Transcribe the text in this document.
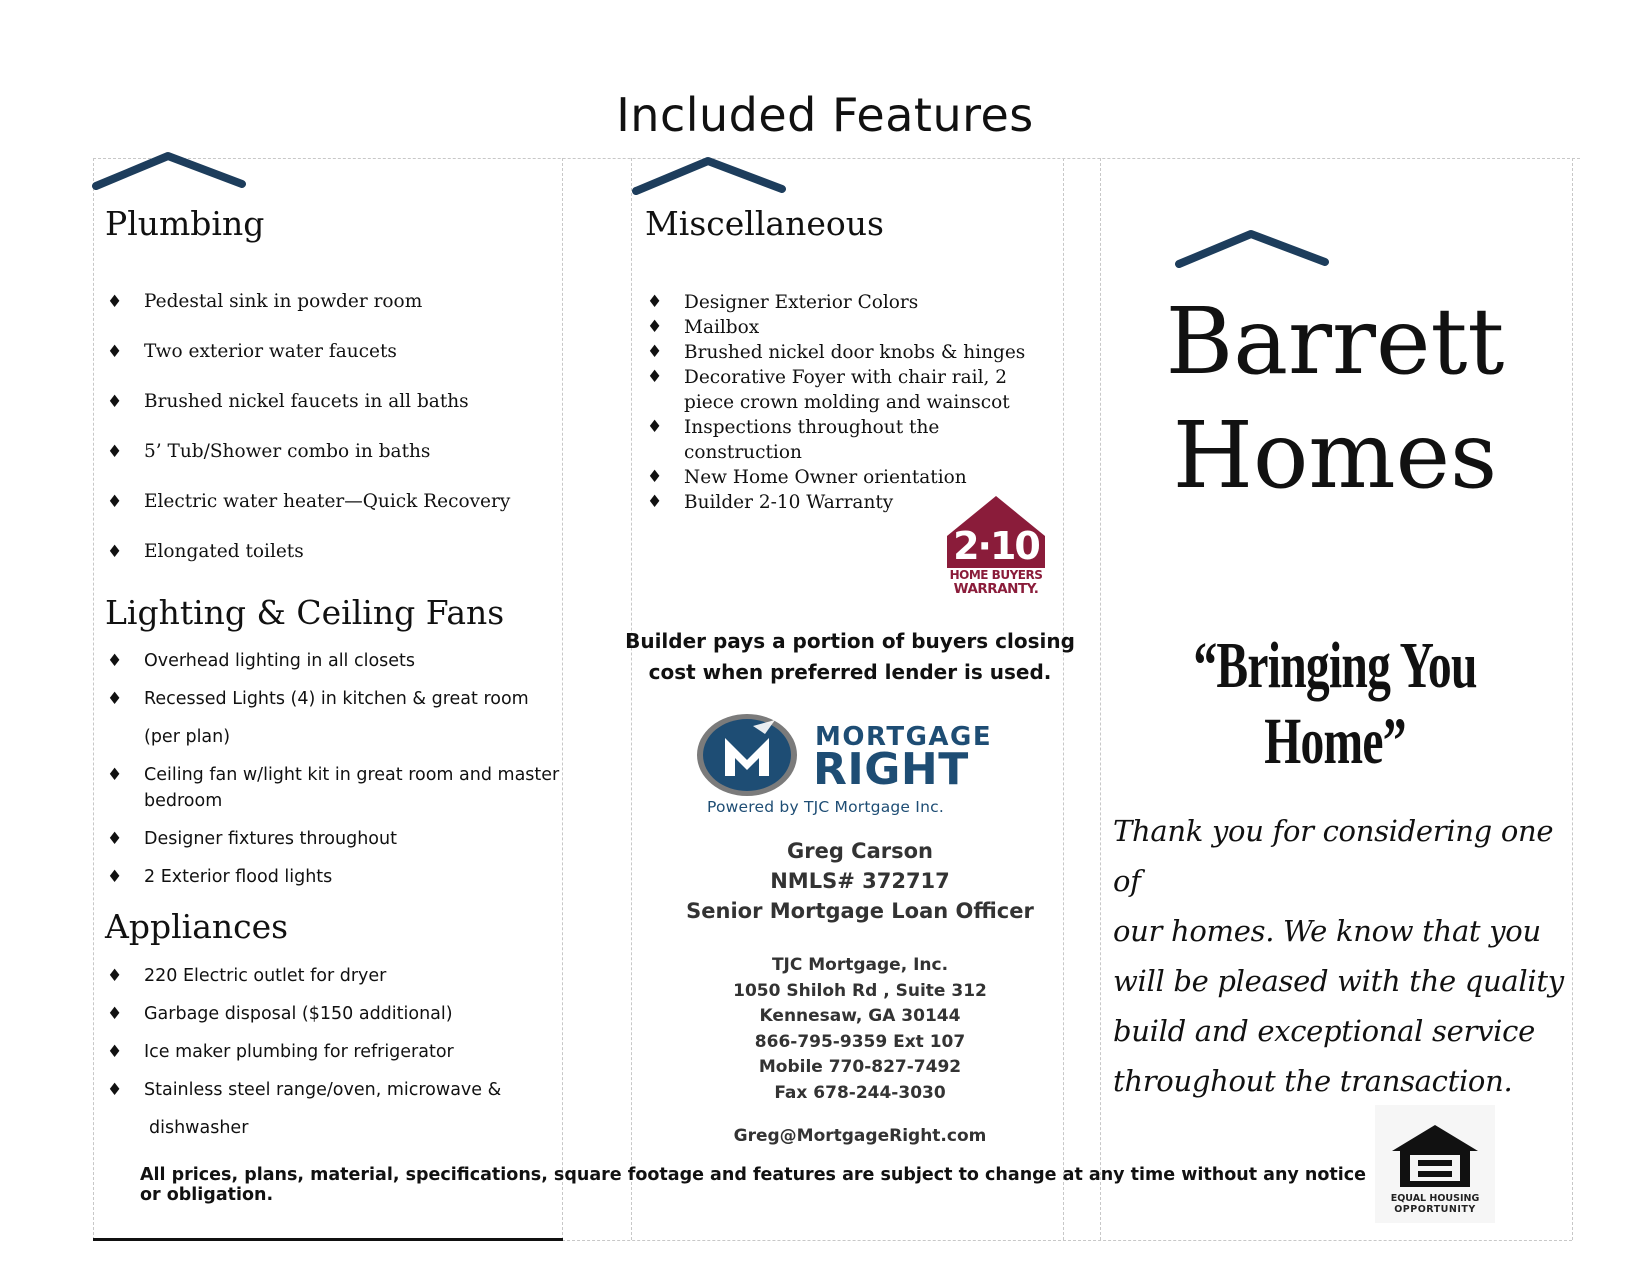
Included Features
Plumbing
♦ Pedestal sink in powder room
♦ Two exterior water faucets
♦ Brushed nickel faucets in all baths
♦ 5’ Tub/Shower combo in baths
♦ Electric water heater—Quick Recovery
♦ Elongated toilets
Lighting & Ceiling Fans
♦ Overhead lighting in all closets
♦ Recessed Lights (4) in kitchen & great room
(per plan)
♦ Ceiling fan w/light kit in great room and master bedroom
♦ Designer fixtures throughout
♦ 2 Exterior flood lights
Appliances
♦ 220 Electric outlet for dryer
♦ Garbage disposal ($150 additional)
♦ Ice maker plumbing for refrigerator
♦ Stainless steel range/oven, microwave &
dishwasher
Miscellaneous
♦ Designer Exterior Colors
♦ Mailbox
♦ Brushed nickel door knobs & hinges
♦ Decorative Foyer with chair rail, 2 piece crown molding and wainscot
♦ Inspections throughout the construction
♦ New Home Owner orientation
♦ Builder 2-10 Warranty
2·10
HOME BUYERS
WARRANTY.
Builder pays a portion of buyers closing
cost when preferred lender is used.
MORTGAGE
RIGHT
Powered by TJC Mortgage Inc.
Greg Carson
NMLS# 372717
Senior Mortgage Loan Officer
TJC Mortgage, Inc.
1050 Shiloh Rd , Suite 312
Kennesaw, GA 30144
866-795-9359 Ext 107
Mobile 770-827-7492
Fax 678-244-3030
Greg@MortgageRight.com
All prices, plans, material, specifications, square footage and features are subject to change at any time without any notice or obligation.
Barrett
Homes
“Bringing You Home”
Thank you for considering one of
our homes. We know that you
will be pleased with the quality
build and exceptional service
throughout the transaction.
EQUAL HOUSING
OPPORTUNITY
